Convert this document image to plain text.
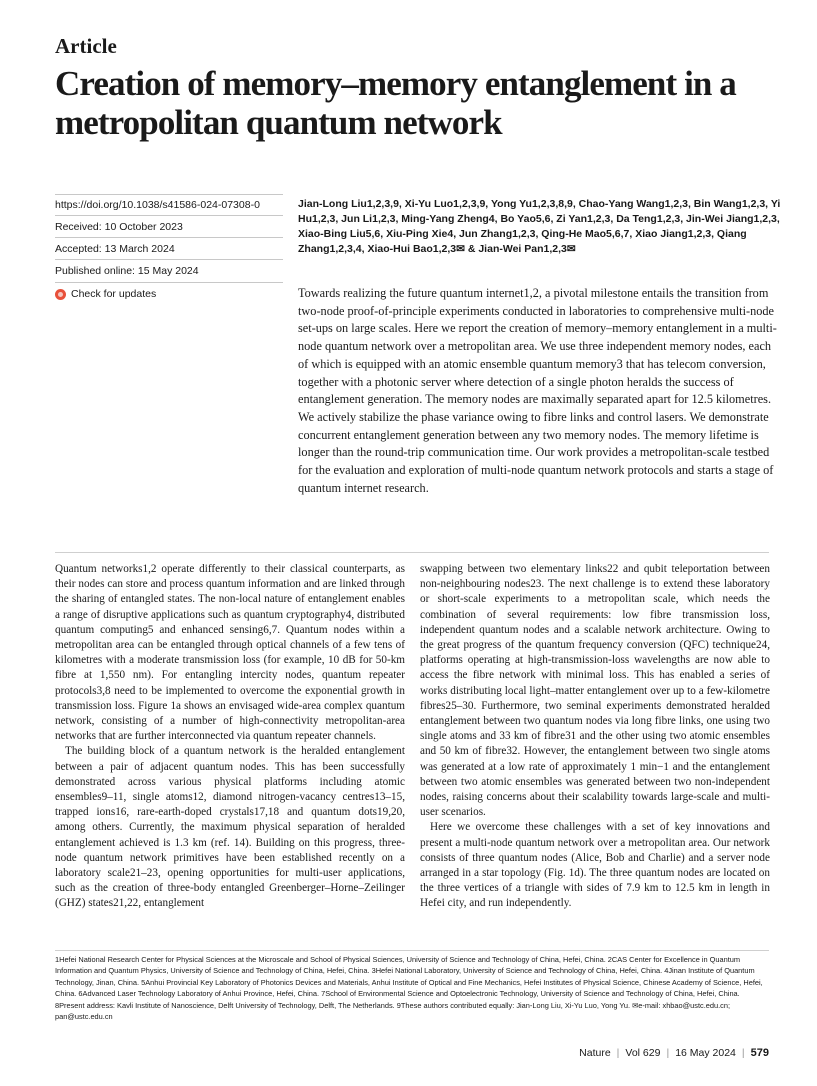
Article
Creation of memory–memory entanglement in a metropolitan quantum network
https://doi.org/10.1038/s41586-024-07308-0
Received: 10 October 2023
Accepted: 13 March 2024
Published online: 15 May 2024
Check for updates
Jian-Long Liu1,2,3,9, Xi-Yu Luo1,2,3,9, Yong Yu1,2,3,8,9, Chao-Yang Wang1,2,3, Bin Wang1,2,3, Yi Hu1,2,3, Jun Li1,2,3, Ming-Yang Zheng4, Bo Yao5,6, Zi Yan1,2,3, Da Teng1,2,3, Jin-Wei Jiang1,2,3, Xiao-Bing Liu5,6, Xiu-Ping Xie4, Jun Zhang1,2,3, Qing-He Mao5,6,7, Xiao Jiang1,2,3, Qiang Zhang1,2,3,4, Xiao-Hui Bao1,2,3✉ & Jian-Wei Pan1,2,3✉
Towards realizing the future quantum internet1,2, a pivotal milestone entails the transition from two-node proof-of-principle experiments conducted in laboratories to comprehensive multi-node set-ups on large scales. Here we report the creation of memory–memory entanglement in a multi-node quantum network over a metropolitan area. We use three independent memory nodes, each of which is equipped with an atomic ensemble quantum memory3 that has telecom conversion, together with a photonic server where detection of a single photon heralds the success of entanglement generation. The memory nodes are maximally separated apart for 12.5 kilometres. We actively stabilize the phase variance owing to fibre links and control lasers. We demonstrate concurrent entanglement generation between any two memory nodes. The memory lifetime is longer than the round-trip communication time. Our work provides a metropolitan-scale testbed for the evaluation and exploration of multi-node quantum network protocols and starts a stage of quantum internet research.

Quantum networks1,2 operate differently to their classical counterparts, as their nodes can store and process quantum information and are linked through the sharing of entangled states. The non-local nature of entanglement enables a range of disruptive applications such as quantum cryptography4, distributed quantum computing5 and enhanced sensing6,7. Quantum nodes within a metropolitan area can be entangled through optical channels of a few tens of kilometres with a moderate transmission loss (for example, 10 dB for 50-km fibre at 1,550 nm). For entangling intercity nodes, quantum repeater protocols3,8 need to be implemented to overcome the exponential growth in transmission loss. Figure 1a shows an envisaged wide-area complex quantum network, consisting of a number of high-connectivity metropolitan-area networks that are further interconnected via quantum repeater channels.

The building block of a quantum network is the heralded entanglement between a pair of adjacent quantum nodes. This has been successfully demonstrated across various physical platforms including atomic ensembles9–11, single atoms12, diamond nitrogen-vacancy centres13–15, trapped ions16, rare-earth-doped crystals17,18 and quantum dots19,20, among others. Currently, the maximum physical separation of heralded entanglement achieved is 1.3 km (ref. 14). Building on this progress, three-node quantum network primitives have been established recently on a laboratory scale21–23, opening opportunities for multi-user applications, such as the creation of three-body entangled Greenberger–Horne–Zeilinger (GHZ) states21,22, entanglement

swapping between two elementary links22 and qubit teleportation between non-neighbouring nodes23. The next challenge is to extend these laboratory or short-scale experiments to a metropolitan scale, which needs the combination of several requirements: low fibre transmission loss, independent quantum nodes and a scalable network architecture. Owing to the great progress of the quantum frequency conversion (QFC) technique24, platforms operating at high-transmission-loss wavelengths are now able to access the fibre network with minimal loss. This has enabled a series of works distributing local light–matter entanglement over up to a few-kilometre fibres25–30. Furthermore, two seminal experiments demonstrated heralded entanglement between two quantum nodes via long fibre links, one using two single atoms and 33 km of fibre31 and the other using two atomic ensembles and 50 km of fibre32. However, the entanglement between two single atoms was generated at a low rate of approximately 1 min−1 and the entanglement between two atomic ensembles was generated between two non-independent nodes, raising concerns about their scalability towards large-scale and multi-user scenarios.

Here we overcome these challenges with a set of key innovations and present a multi-node quantum network over a metropolitan area. Our network consists of three quantum nodes (Alice, Bob and Charlie) and a server node arranged in a star topology (Fig. 1d). The three quantum nodes are located on the three vertices of a triangle with sides of 7.9 km to 12.5 km in length in Hefei city, and run independently.

1Hefei National Research Center for Physical Sciences at the Microscale and School of Physical Sciences, University of Science and Technology of China, Hefei, China. 2CAS Center for Excellence in Quantum Information and Quantum Physics, University of Science and Technology of China, Hefei, China. 3Hefei National Laboratory, University of Science and Technology of China, Hefei, China. 4Jinan Institute of Quantum Technology, Jinan, China. 5Anhui Provincial Key Laboratory of Photonics Devices and Materials, Anhui Institute of Optical and Fine Mechanics, Hefei Institutes of Physical Science, Chinese Academy of Science, Hefei, China. 6Advanced Laser Technology Laboratory of Anhui Province, Hefei, China. 7School of Environmental Science and Optoelectronic Technology, University of Science and Technology of China, Hefei, China. 8Present address: Kavli Institute of Nanoscience, Delft University of Technology, Delft, The Netherlands. 9These authors contributed equally: Jian-Long Liu, Xi-Yu Luo, Yong Yu. ✉e-mail: xhbao@ustc.edu.cn; pan@ustc.edu.cn
Nature | Vol 629 | 16 May 2024 | 579
